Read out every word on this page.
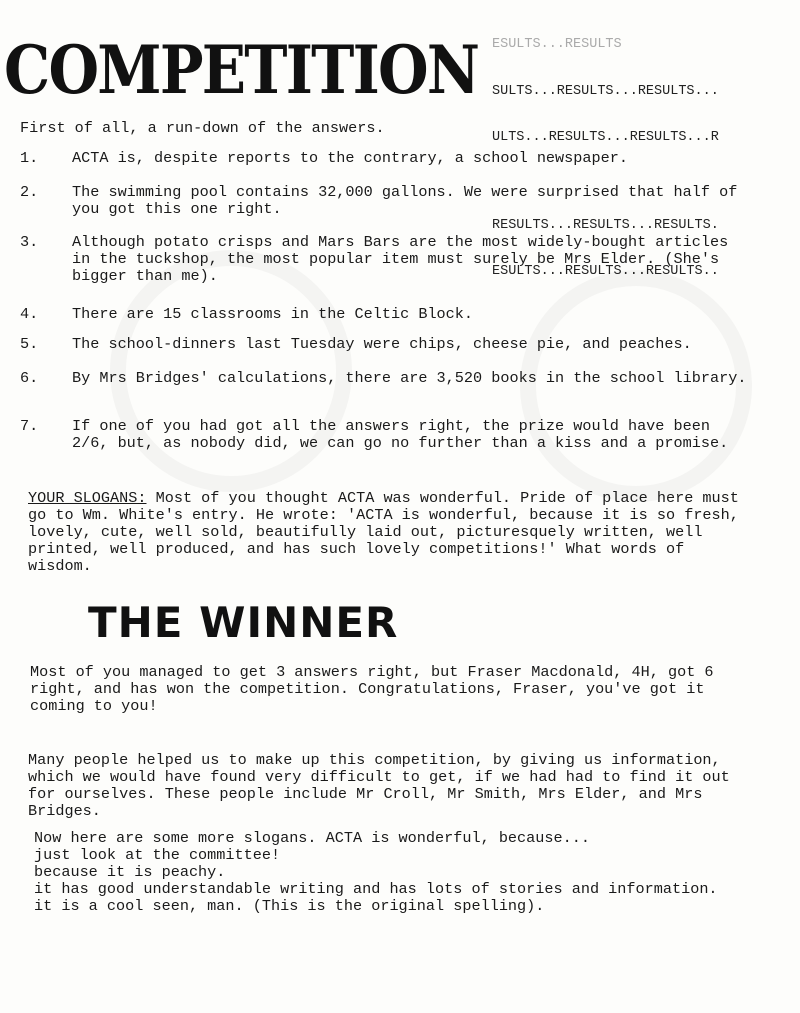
COMPETITION

ESULTS...RESULTS

SULTS...RESULTS...RESULTS...

ULTS...RESULTS...RESULTS...R

RESULTS...RESULTS...RESULTS.

ESULTS...RESULTS...RESULTS..

First of all, a run-down of the answers.
1.	ACTA is, despite reports to the contrary, a school newspaper.
2.	The swimming pool contains 32,000 gallons. We were surprised that half of you got this one right.
3.	Although potato crisps and Mars Bars are the most widely-bought articles in the tuckshop, the most popular item must surely be Mrs Elder. (She's bigger than me).
4.	There are 15 classrooms in the Celtic Block.
5.	The school-dinners last Tuesday were chips, cheese pie, and peaches.
6.	By Mrs Bridges' calculations, there are 3,520 books in the school library.
7.	If one of you had got all the answers right, the prize would have been 2/6, but, as nobody did, we can go no further than a kiss and a promise.
YOUR SLOGANS: Most of you thought ACTA was wonderful. Pride of place here must go to Wm. White's entry. He wrote: 'ACTA is wonderful, because it is so fresh, lovely, cute, well sold, beautifully laid out, picturesquely written, well printed, well produced, and has such lovely competitions!' What words of wisdom.
THE WINNER
Most of you managed to get 3 answers right, but Fraser Macdonald, 4H, got 6 right, and has won the competition. Congratulations, Fraser, you've got it coming to you!
Many people helped us to make up this competition, by giving us information, which we would have found very difficult to get, if we had had to find it out for ourselves. These people include Mr Croll, Mr Smith, Mrs Elder, and Mrs Bridges.

Now here are some more slogans. ACTA is wonderful, because...

just look at the committee!

because it is peachy.

it has good understandable writing and has lots of stories and information.

it is a cool seen, man. (This is the original spelling).
